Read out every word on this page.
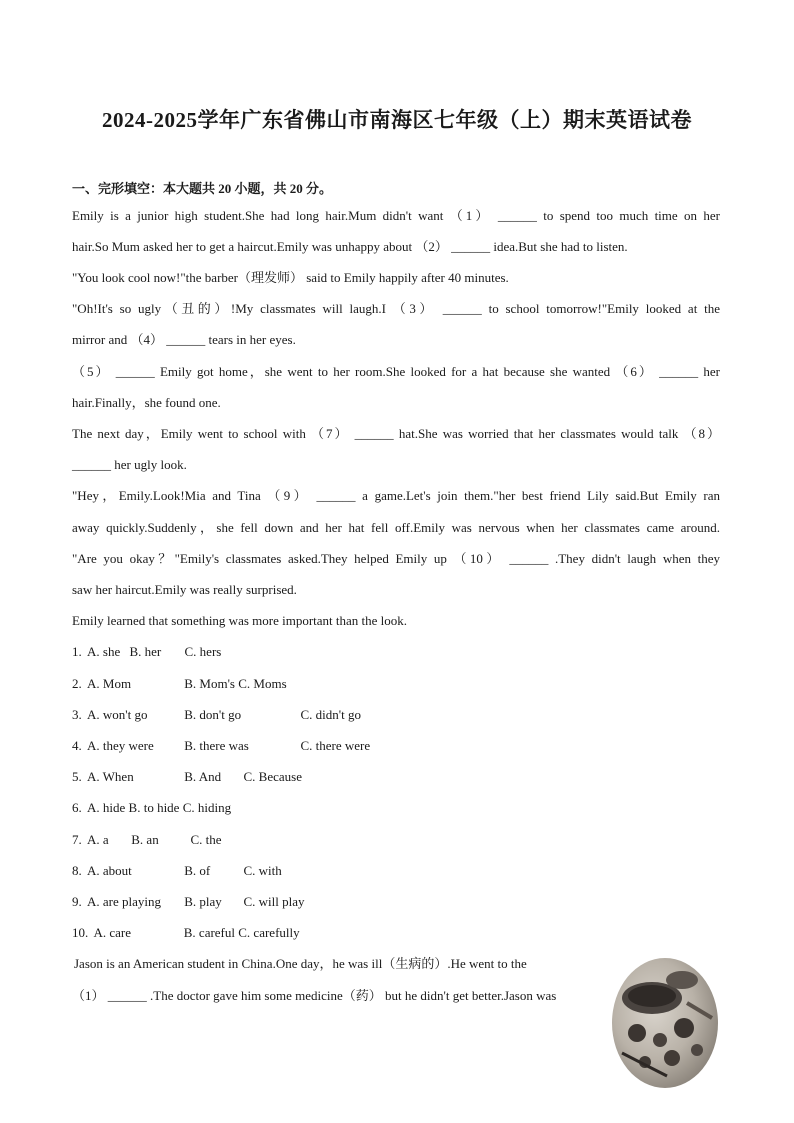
2024-2025学年广东省佛山市南海区七年级（上）期末英语试卷
一、完形填空：本大题共 20 小题，共 20 分。
Emily is a junior high student.She had long hair.Mum didn't want （1） ______ to spend too much time on her
hair.So Mum asked her to get a haircut.Emily was unhappy about （2） ______ idea.But she had to listen.
"You look cool now!"the barber（理发师） said to Emily happily after 40 minutes.
"Oh!It's so ugly（丑的）!My classmates will laugh.I （3） ______ to school tomorrow!"Emily looked at the
mirror and （4） ______ tears in her eyes.
（5） ______ Emily got home，she went to her room.She looked for a hat because she wanted （6） ______ her
hair.Finally，she found one.
The next day，Emily went to school with （7） ______ hat.She was worried that her classmates would talk （8）
______ her ugly look.
"Hey，Emily.Look!Mia and Tina （9） ______ a game.Let's join them."her best friend Lily said.But Emily ran
away quickly.Suddenly，she fell down and her hat fell off.Emily was nervous when her classmates came around.
"Are you okay？"Emily's classmates asked.They helped Emily up （10） ______ .They didn't laugh when they
saw her haircut.Emily was really surprised.
Emily learned that something was more important than the look.
1. A. she B. her C. hers
2. A. Mom	B. Mom's C. Moms
3. A. won't go	B. don't go	C. didn't go
4. A. they were B. there was	C. there were
5. A. When	B. And C. Because
6. A. hide B. to hide C. hiding
7. A. a B. an C. the
8. A. about	B. of	C. with
9. A. are playing B. play C. will play
10. A. care	B. careful C. carefully
Jason is an American student in China.One day，he was ill（生病的）.He went to the
（1） ______ .The doctor gave him some medicine（药） but he didn't get better.Jason was
